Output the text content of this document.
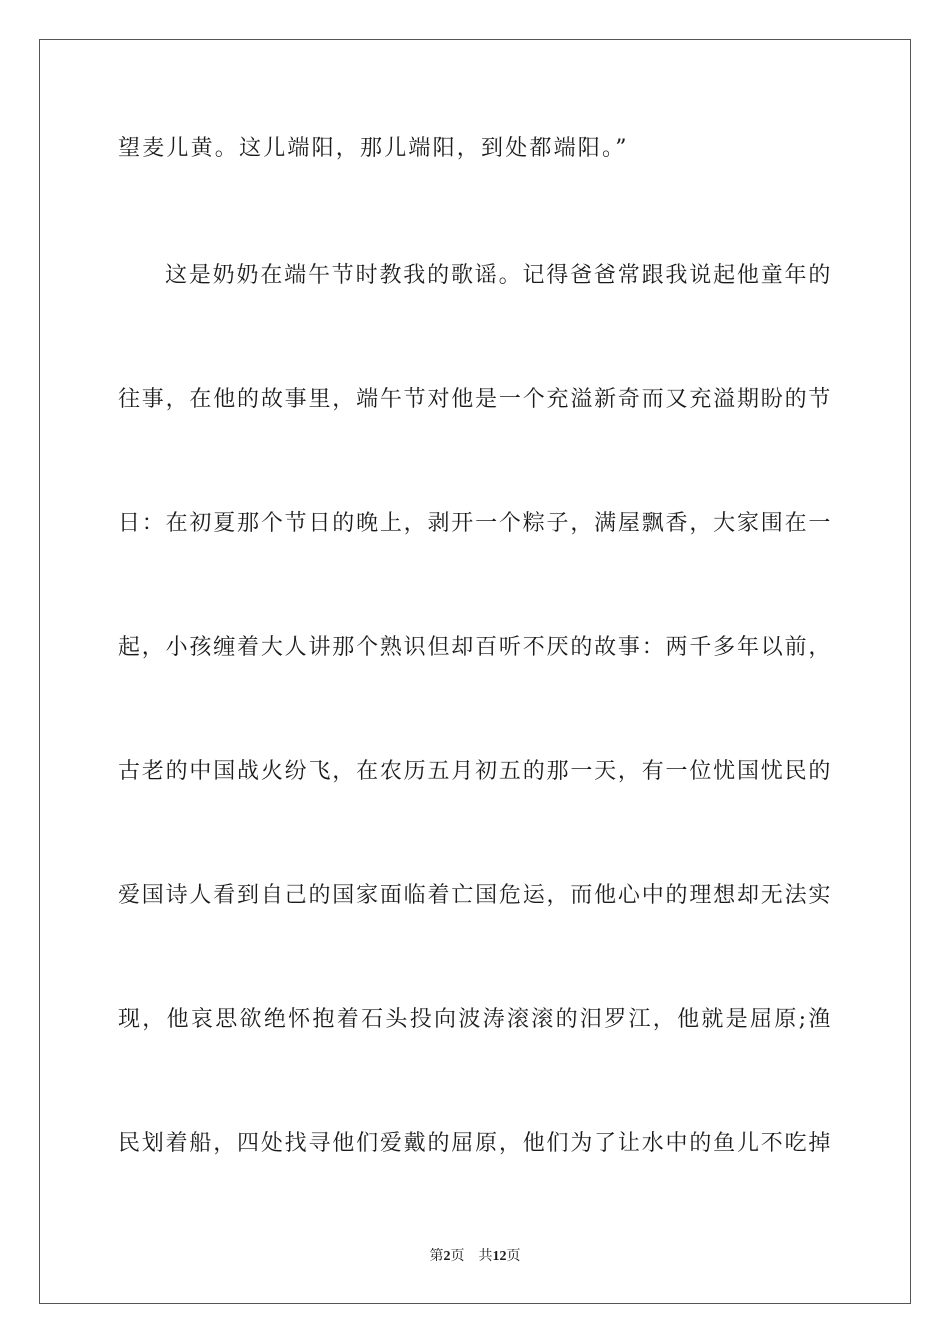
望麦儿黄。这儿端阳，那儿端阳，到处都端阳。”
这是奶奶在端午节时教我的歌谣。记得爸爸常跟我说起他童年的
往事，在他的故事里，端午节对他是一个充溢新奇而又充溢期盼的节
日：在初夏那个节日的晚上，剥开一个粽子，满屋飘香，大家围在一
起，小孩缠着大人讲那个熟识但却百听不厌的故事：两千多年以前，
古老的中国战火纷飞，在农历五月初五的那一天，有一位忧国忧民的
爱国诗人看到自己的国家面临着亡国危运，而他心中的理想却无法实
现，他哀思欲绝怀抱着石头投向波涛滚滚的汨罗江，他就是屈原;渔
民划着船，四处找寻他们爱戴的屈原，他们为了让水中的鱼儿不吃掉
第2页 共12页
